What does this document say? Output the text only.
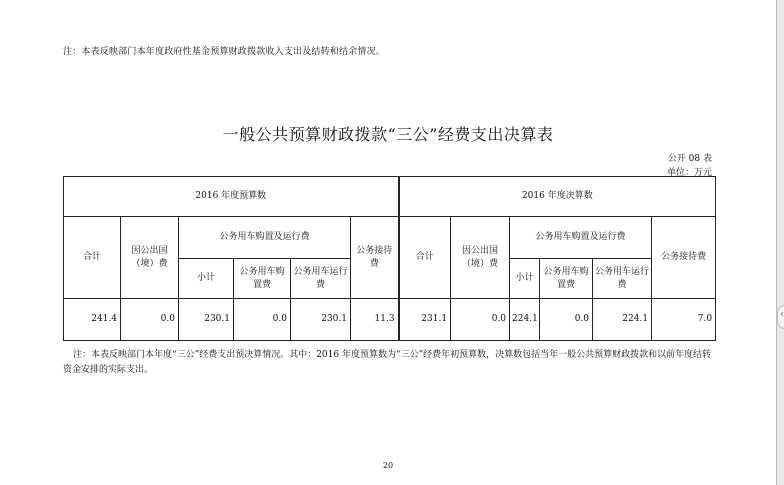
注：本表反映部门本年度政府性基金预算财政拨款收入支出及结转和结余情况。
一般公共预算财政拨款“三公”经费支出决算表
公开 08 表
单位：万元
2016 年度预算数						2016 年度决算数					
合计	因公出国（境）费	公务用车购置及运行费			公务接待费	合计	因公出国（境）费	公务用车购置及运行费			公务接待费
		小计	公务用车购置费	公务用车运行费				小计	公务用车购置费	公务用车运行费	
241.4	0.0	230.1	0.0	230.1	11.3	231.1	0.0	224.1	0.0	224.1	7.0
注：本表反映部门本年度“三公”经费支出预决算情况。其中：2016 年度预算数为“三公”经费年初预算数，决算数包括当年一般公共预算财政拨款和以前年度结转资金安排的实际支出。
20
‹
